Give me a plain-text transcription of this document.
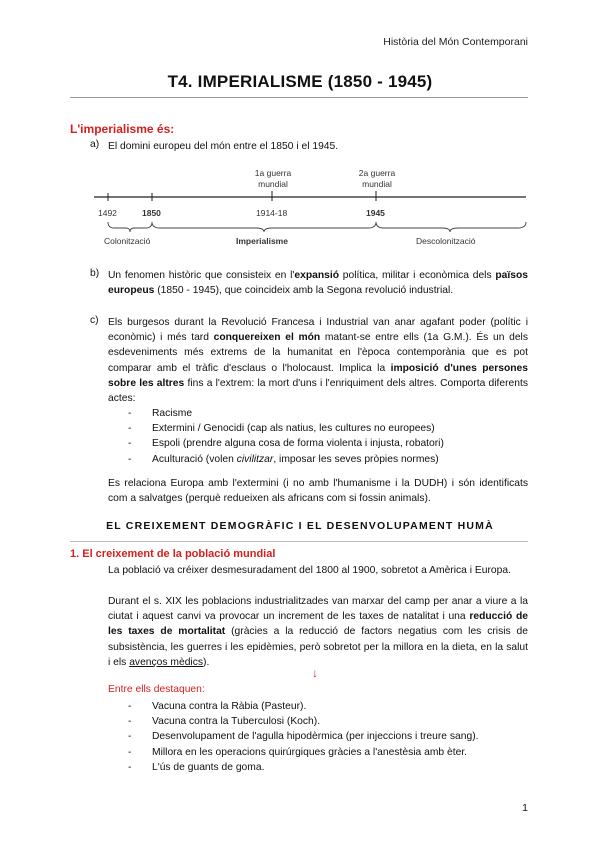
Història del Món Contemporani
T4. IMPERIALISME (1850 - 1945)
L'imperialisme és:
a) El domini europeu del món entre el 1850 i el 1945.
1a guerra mundial
2a guerra mundial
1492	1850	1914-18	1945
Colonització	Imperialisme	Descolonització
b) Un fenomen històric que consisteix en l'expansió política, militar i econòmica dels països europeus (1850 - 1945), que coincideix amb la Segona revolució industrial.
c) Els burgesos durant la Revolució Francesa i Industrial van anar agafant poder (polític i econòmic) i més tard conquereixen el món matant-se entre ells (1a G.M.). És un dels esdeveniments més extrems de la humanitat en l'època contemporània que es pot comparar amb el tràfic d'esclaus o l'holocaust. Implica la imposició d'unes persones sobre les altres fins a l'extrem: la mort d'uns i l'enriquiment dels altres. Comporta diferents actes:
- Racisme
- Extermini / Genocidi (cap als natius, les cultures no europees)
- Espoli (prendre alguna cosa de forma violenta i injusta, robatori)
- Aculturació (volen civilitzar, imposar les seves pròpies normes)
Es relaciona Europa amb l'extermini (i no amb l'humanisme i la DUDH) i són identificats com a salvatges (perquè redueixen als africans com si fossin animals).
EL CREIXEMENT DEMOGRÀFIC I EL DESENVOLUPAMENT HUMÀ
1. El creixement de la població mundial
La població va créixer desmesuradament del 1800 al 1900, sobretot a Amèrica i Europa.
Durant el s. XIX les poblacions industrialitzades van marxar del camp per anar a viure a la ciutat i aquest canvi va provocar un increment de les taxes de natalitat i una reducció de les taxes de mortalitat (gràcies a la reducció de factors negatius com les crisis de subsistència, les guerres i les epidèmies, però sobretot per la millora en la dieta, en la salut i els avenços mèdics).
↓
Entre ells destaquen:
- Vacuna contra la Ràbia (Pasteur).
- Vacuna contra la Tuberculosi (Koch).
- Desenvolupament de l'agulla hipodèrmica (per injeccions i treure sang).
- Millora en les operacions quirúrgiques gràcies a l'anestèsia amb èter.
- L'ús de guants de goma.
1
